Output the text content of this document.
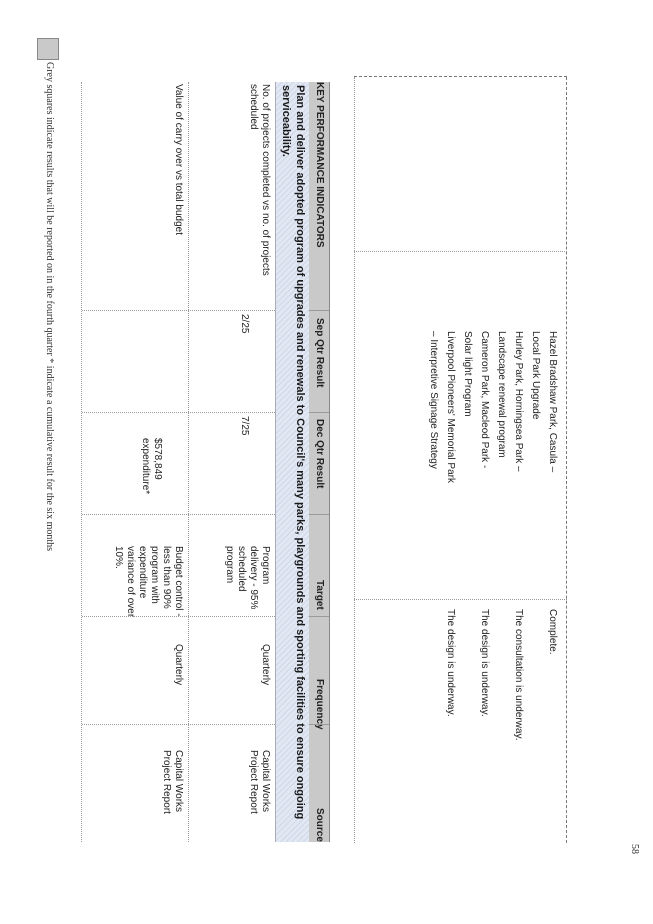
58
Hazel Bradshaw Park, Casula –
Local Park Upgrade
Hurley Park, Horningsea Park –
Landscape renewal program
Cameron Park, Macleod Park -
Solar light Program
Liverpool Pioneers' Memorial Park
– Interpretive Signage Strategy
Complete.
The consultation is underway.
The design is underway.
The design is underway.
KEY PERFORMANCE INDICATORS
Sep Qtr Result
Dec Qtr Result
Target
Frequency
Source
Plan and deliver adopted program of upgrades and renewals to Council's many parks, playgrounds and sporting facilities to ensure ongoing serviceability.
No. of projects completed vs no. of projects scheduled
2/25
7/25
Program delivery - 95% scheduled program
Quarterly
Capital Works Project Report
Value of carry over vs total budget
$578,849 expenditure*
Budget control - less than 90% program with expenditure variance of over 10%.
Quarterly
Capital Works Project Report
Grey squares indicate results that will be reported on in the fourth quarter * indicate a cumulative result for the six months
